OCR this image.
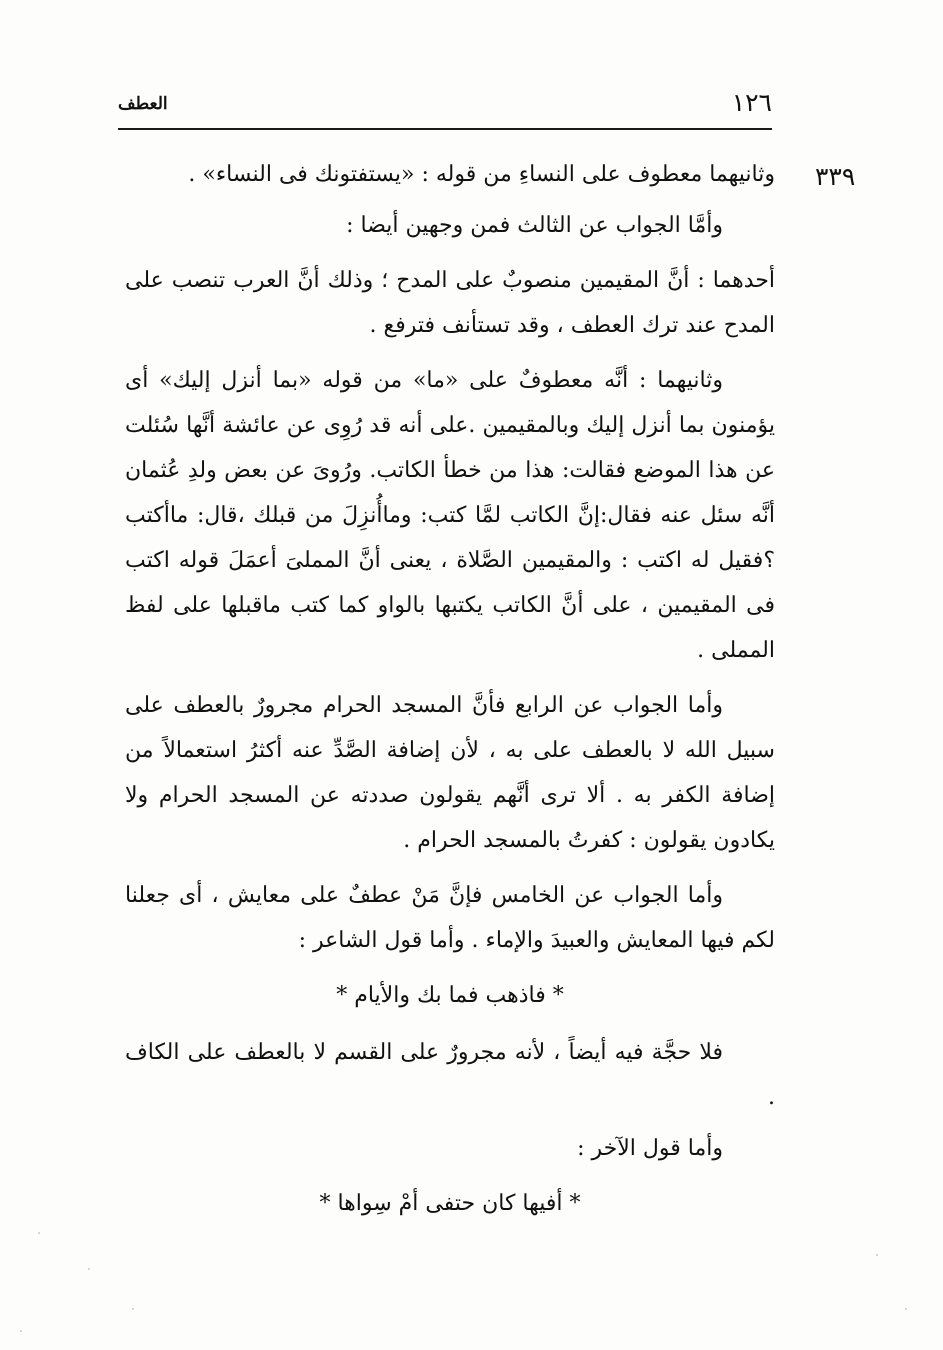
١٢٦
العطف
٣٣٩

وثانيهما معطوف على النساءِ من قوله : «يستفتونك فى النساء» .

وأمَّا الجواب عن الثالث فمن وجهين أيضا :

أحدهما : أنَّ المقيمين منصوبٌ على المدح ؛ وذلك أنَّ العرب تنصب على المدح عند ترك العطف ، وقد تستأنف فترفع .

وثانيهما : أنَّه معطوفٌ على «ما» من قوله «بما أنزل إليك» أى يؤمنون بما أنزل إليك وبالمقيمين .على أنه قد رُوِى عن عائشة أنَّها سُئلت عن هذا الموضع فقالت: هذا من خطأ الكاتب. ورُوىَ عن بعض ولدِ عُثمان أنَّه سئل عنه فقال:إنَّ الكاتب لمَّا كتب: وماأُنزِلَ من قبلك ،قال: ماأكتب ؟فقيل له اكتب : والمقيمين الصَّلاة ، يعنى أنَّ المملىَ أعمَلَ قوله اكتب فى المقيمين ، على أنَّ الكاتب يكتبها بالواو كما كتب ماقبلها على لفظ المملى .

وأما الجواب عن الرابع فأنَّ المسجد الحرام مجرورٌ بالعطف على سبيل الله لا بالعطف على به ، لأن إضافة الصَّدِّ عنه أكثرُ استعمالاً من إضافة الكفر به . ألا ترى أنَّهم يقولون صددته عن المسجد الحرام ولا يكادون يقولون : كفرتُ بالمسجد الحرام .

وأما الجواب عن الخامس فإنَّ مَنْ عطفٌ على معايش ، أى جعلنا لكم فيها المعايش والعبيدَ والإماء . وأما قول الشاعر :

* فاذهب فما بك والأيام *

فلا حجَّة فيه أيضاً ، لأنه مجرورٌ على القسم لا بالعطف على الكاف .

وأما قول الآخر :

* أفيها كان حتفى أمْ سِواها *
